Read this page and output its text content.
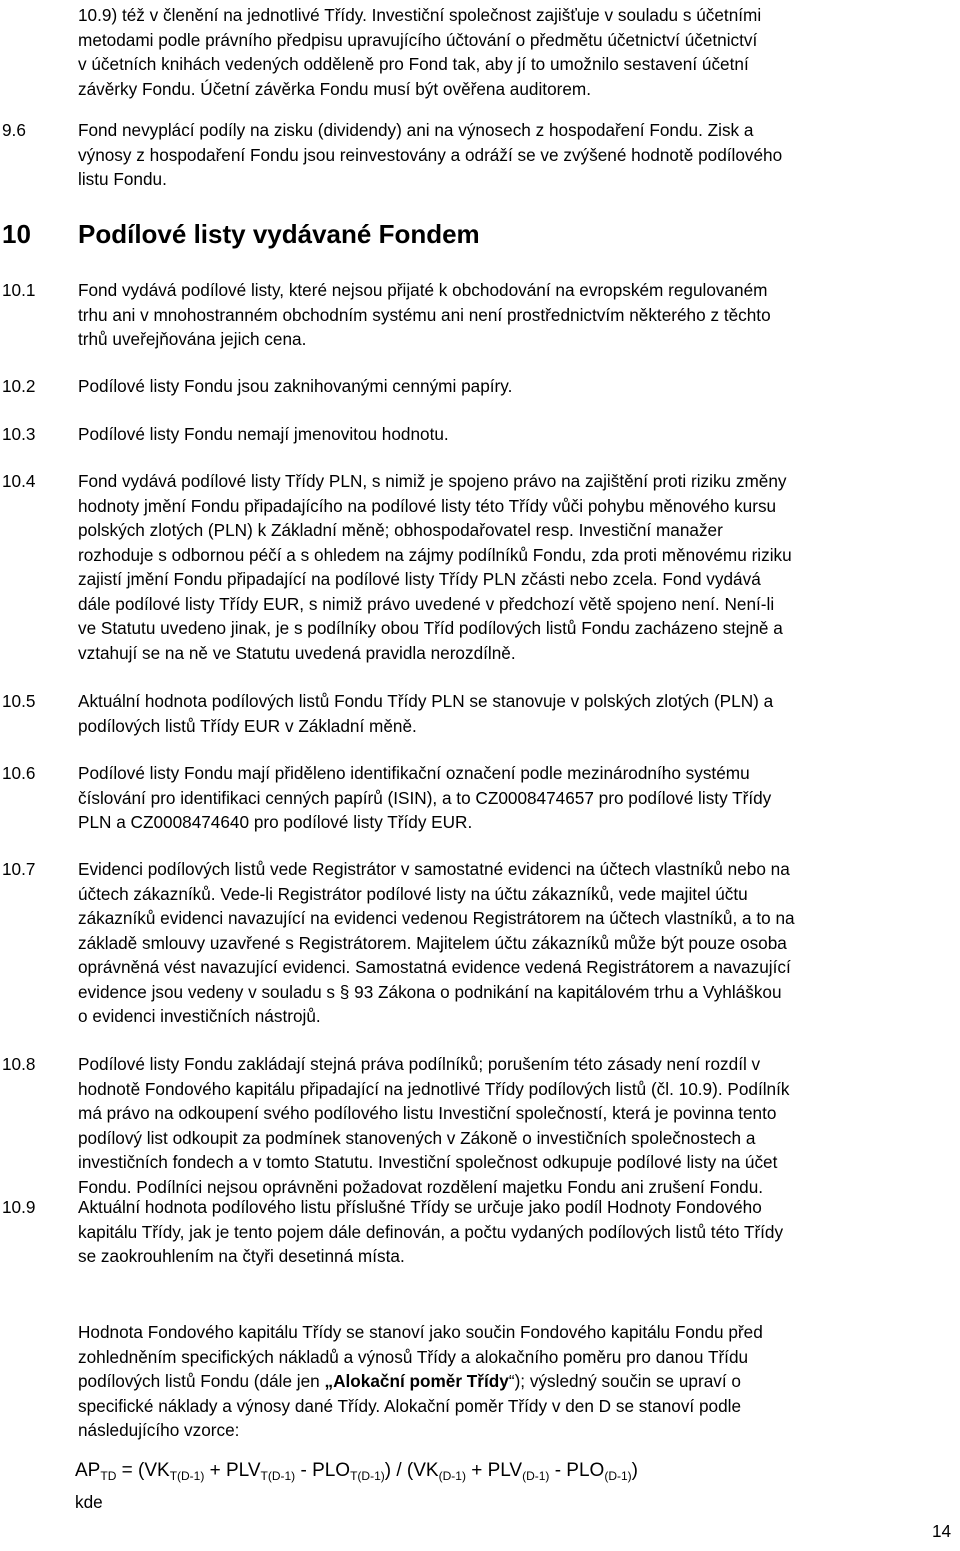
10.9) též v členění na jednotlivé Třídy. Investiční společnost zajišťuje v souladu s účetními
metodami podle právního předpisu upravujícího účtování o předmětu účetnictví účetnictví
v účetních knihách vedených odděleně pro Fond tak, aby jí to umožnilo sestavení účetní
závěrky Fondu. Účetní závěrka Fondu musí být ověřena auditorem.
9.6	Fond nevyplácí podíly na zisku (dividendy) ani na výnosech z hospodaření Fondu. Zisk a
výnosy z hospodaření Fondu jsou reinvestovány a odráží se ve zvýšené hodnotě podílového
listu Fondu.
10 Podílové listy vydávané Fondem
10.1 Fond vydává podílové listy, které nejsou přijaté k obchodování na evropském regulovaném
trhu ani v mnohostranném obchodním systému ani není prostřednictvím některého z těchto
trhů uveřejňována jejich cena.
10.2 Podílové listy Fondu jsou zaknihovanými cennými papíry.
10.3 Podílové listy Fondu nemají jmenovitou hodnotu.
10.4 Fond vydává podílové listy Třídy PLN, s nimiž je spojeno právo na zajištění proti riziku změny
hodnoty jmění Fondu připadajícího na podílové listy této Třídy vůči pohybu měnového kursu
polských zlotých (PLN) k Základní měně; obhospodařovatel resp. Investiční manažer
rozhoduje s odbornou péčí a s ohledem na zájmy podílníků Fondu, zda proti měnovému riziku
zajistí jmění Fondu připadající na podílové listy Třídy PLN zčásti nebo zcela. Fond vydává
dále podílové listy Třídy EUR, s nimiž právo uvedené v předchozí větě spojeno není. Není-li
ve Statutu uvedeno jinak, je s podílníky obou Tříd podílových listů Fondu zacházeno stejně a
vztahují se na ně ve Statutu uvedená pravidla nerozdílně.
10.5 Aktuální hodnota podílových listů Fondu Třídy PLN se stanovuje v polských zlotých (PLN) a
podílových listů Třídy EUR v Základní měně.
10.6 Podílové listy Fondu mají přiděleno identifikační označení podle mezinárodního systému
číslování pro identifikaci cenných papírů (ISIN), a to CZ0008474657 pro podílové listy Třídy
PLN a CZ0008474640 pro podílové listy Třídy EUR.
10.7 Evidenci podílových listů vede Registrátor v samostatné evidenci na účtech vlastníků nebo na
účtech zákazníků. Vede-li Registrátor podílové listy na účtu zákazníků, vede majitel účtu
zákazníků evidenci navazující na evidenci vedenou Registrátorem na účtech vlastníků, a to na
základě smlouvy uzavřené s Registrátorem. Majitelem účtu zákazníků může být pouze osoba
oprávněná vést navazující evidenci. Samostatná evidence vedená Registrátorem a navazující
evidence jsou vedeny v souladu s § 93 Zákona o podnikání na kapitálovém trhu a Vyhláškou
o evidenci investičních nástrojů.
10.8 Podílové listy Fondu zakládají stejná práva podílníků; porušením této zásady není rozdíl v
hodnotě Fondového kapitálu připadající na jednotlivé Třídy podílových listů (čl. 10.9). Podílník
má právo na odkoupení svého podílového listu Investiční společností, která je povinna tento
podílový list odkoupit za podmínek stanovených v Zákoně o investičních společnostech a
investičních fondech a v tomto Statutu. Investiční společnost odkupuje podílové listy na účet
Fondu. Podílníci nejsou oprávněni požadovat rozdělení majetku Fondu ani zrušení Fondu.
10.9 Aktuální hodnota podílového listu příslušné Třídy se určuje jako podíl Hodnoty Fondového
kapitálu Třídy, jak je tento pojem dále definován, a počtu vydaných podílových listů této Třídy
se zaokrouhlením na čtyři desetinná místa.
Hodnota Fondového kapitálu Třídy se stanoví jako součin Fondového kapitálu Fondu před
zohledněním specifických nákladů a výnosů Třídy a alokačního poměru pro danou Třídu
podílových listů Fondu (dále jen „Alokační poměr Třídy“); výsledný součin se upraví o
specifické náklady a výnosy dané Třídy. Alokační poměr Třídy v den D se stanoví podle
následujícího vzorce:
$AP_{TD} = (VK_{T(D-1)} + PLV_{T(D-1)} - PLO_{T(D-1)}) / (VK_{(D-1)} + PLV_{(D-1)} - PLO_{(D-1)})$
kde
14
